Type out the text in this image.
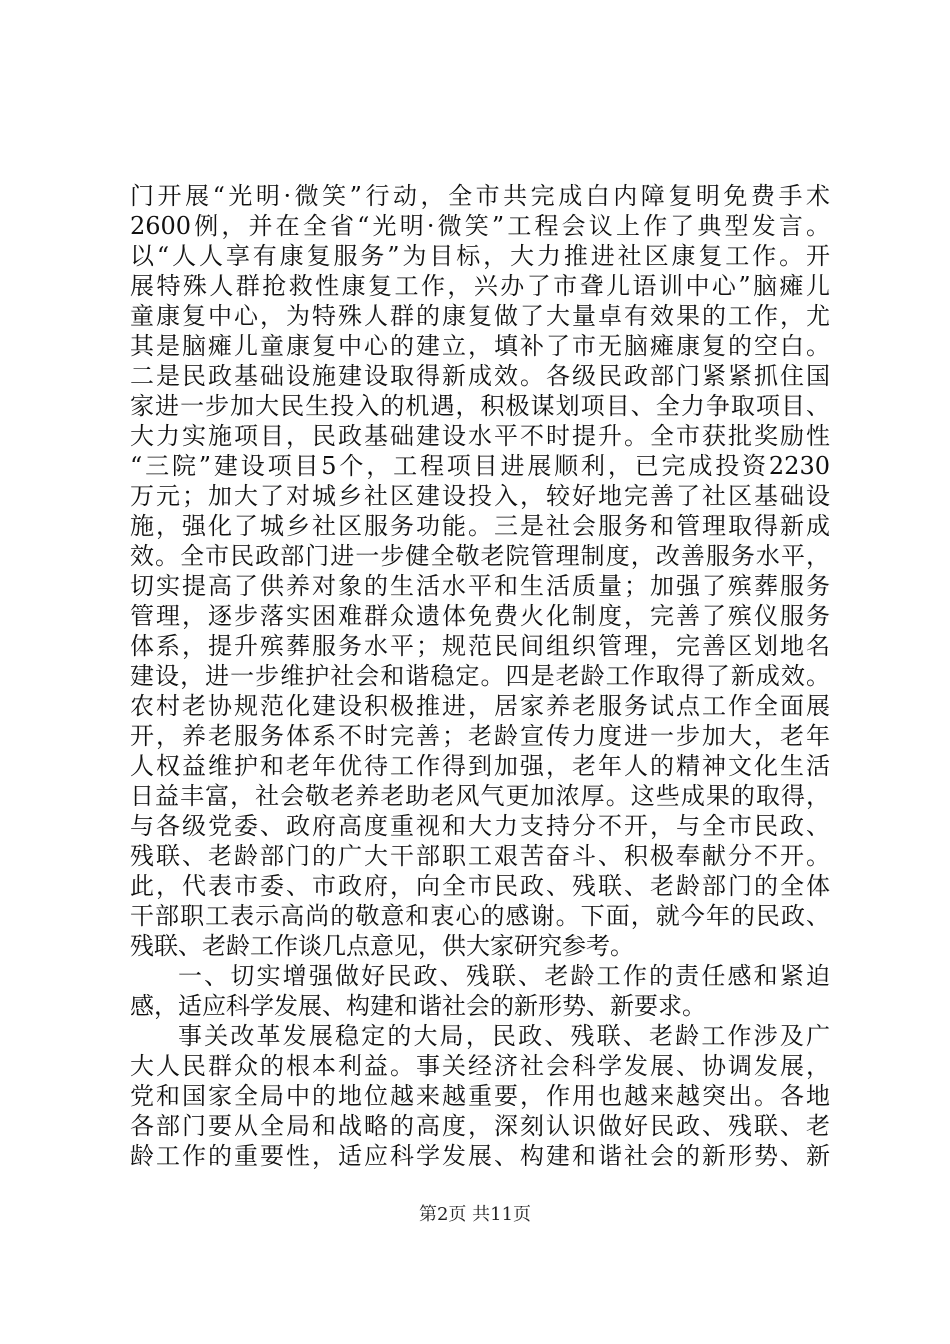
门开展“光明·微笑”行动，全市共完成白内障复明免费手术
2600例，并在全省“光明·微笑”工程会议上作了典型发言。
以“人人享有康复服务”为目标，大力推进社区康复工作。开
展特殊人群抢救性康复工作，兴办了市聋儿语训中心”脑瘫儿
童康复中心，为特殊人群的康复做了大量卓有效果的工作，尤
其是脑瘫儿童康复中心的建立，填补了市无脑瘫康复的空白。
二是民政基础设施建设取得新成效。各级民政部门紧紧抓住国
家进一步加大民生投入的机遇，积极谋划项目、全力争取项目、
大力实施项目，民政基础建设水平不时提升。全市获批奖励性
“三院”建设项目5个，工程项目进展顺利，已完成投资2230
万元；加大了对城乡社区建设投入，较好地完善了社区基础设
施，强化了城乡社区服务功能。三是社会服务和管理取得新成
效。全市民政部门进一步健全敬老院管理制度，改善服务水平，
切实提高了供养对象的生活水平和生活质量；加强了殡葬服务
管理，逐步落实困难群众遗体免费火化制度，完善了殡仪服务
体系，提升殡葬服务水平；规范民间组织管理，完善区划地名
建设，进一步维护社会和谐稳定。四是老龄工作取得了新成效。
农村老协规范化建设积极推进，居家养老服务试点工作全面展
开，养老服务体系不时完善；老龄宣传力度进一步加大，老年
人权益维护和老年优待工作得到加强，老年人的精神文化生活
日益丰富，社会敬老养老助老风气更加浓厚。这些成果的取得，
与各级党委、政府高度重视和大力支持分不开，与全市民政、
残联、老龄部门的广大干部职工艰苦奋斗、积极奉献分不开。
此，代表市委、市政府，向全市民政、残联、老龄部门的全体
干部职工表示高尚的敬意和衷心的感谢。下面，就今年的民政、
残联、老龄工作谈几点意见，供大家研究参考。
一、切实增强做好民政、残联、老龄工作的责任感和紧迫
感，适应科学发展、构建和谐社会的新形势、新要求。
事关改革发展稳定的大局，民政、残联、老龄工作涉及广
大人民群众的根本利益。事关经济社会科学发展、协调发展，
党和国家全局中的地位越来越重要，作用也越来越突出。各地
各部门要从全局和战略的高度，深刻认识做好民政、残联、老
龄工作的重要性，适应科学发展、构建和谐社会的新形势、新
第2页 共11页
